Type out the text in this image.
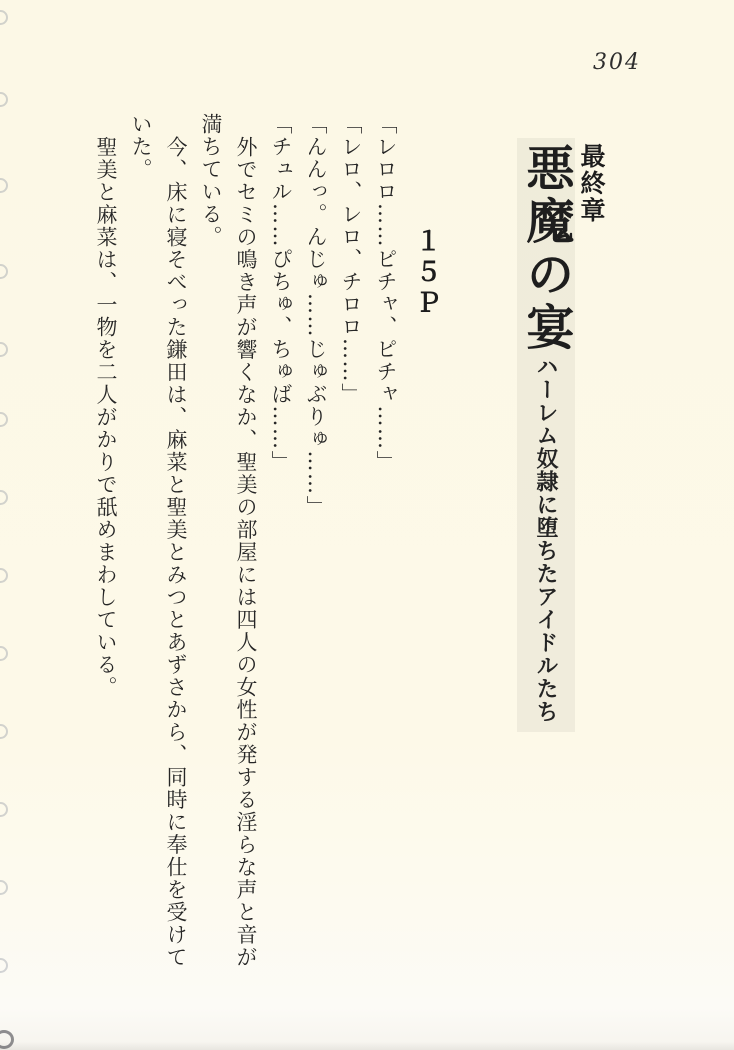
304

最終章

悪魔の宴ハーレム奴隷に堕ちたアイドルたち

１５Ｐ

「レロロ……ピチャ、ピチャ……」

「レロ、レロ、チロロ……」

「んんっ。んじゅ……じゅぶりゅ……」

「チュル……ぴちゅ、ちゅば……」

外でセミの鳴き声が響くなか、聖美の部屋には四人の女性が発する淫らな声と音が

満ちている。

今、床に寝そべった鎌田は、麻菜と聖美とみつとあずさから、同時に奉仕を受けて

いた。

聖美と麻菜は、一物を二人がかりで舐めまわしている。
